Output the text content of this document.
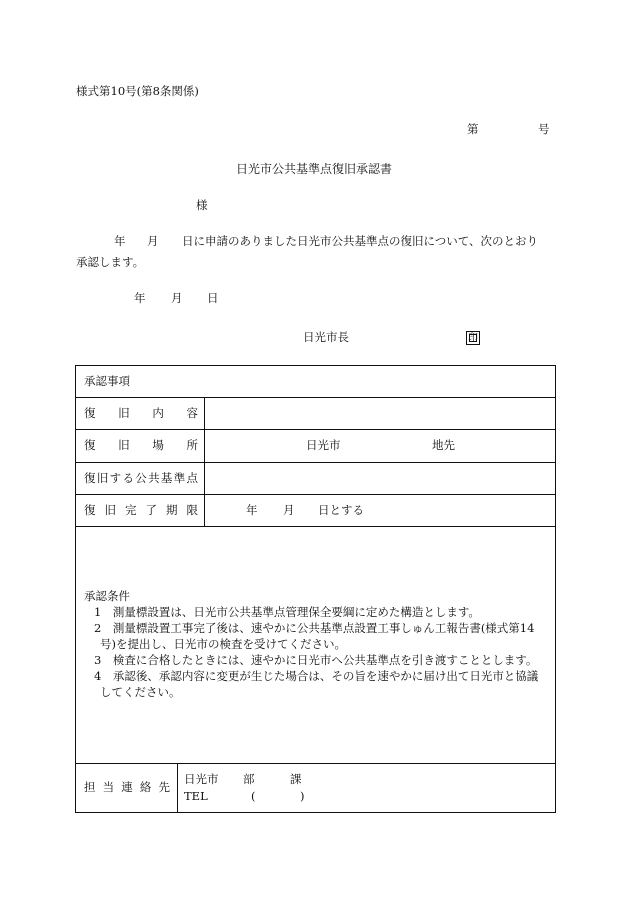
様式第10号(第8条関係)
第	号
日光市公共基準点復旧承認書
様
年 月 日に申請のありました日光市公共基準点の復旧について、次のとおり
承認します。
年 月 日
日光市長	印
承認事項
復 旧 内 容
復 旧 場 所	日光市	地先
復 旧 す る 公 共 基 準 点
復 旧 完 了 期 限	年 月 日とする
承認条件
1　測量標設置は、日光市公共基準点管理保全要綱に定めた構造とします。
2　測量標設置工事完了後は、速やかに公共基準点設置工事しゅん工報告書(様式第14
号)を提出し、日光市の検査を受けてください。
3　検査に合格したときには、速やかに日光市へ公共基準点を引き渡すこととします。
4　承認後、承認内容に変更が生じた場合は、その旨を速やかに届け出て日光市と協議
してください。
担 当 連 絡 先
日光市 部	課
TEL	(	)
